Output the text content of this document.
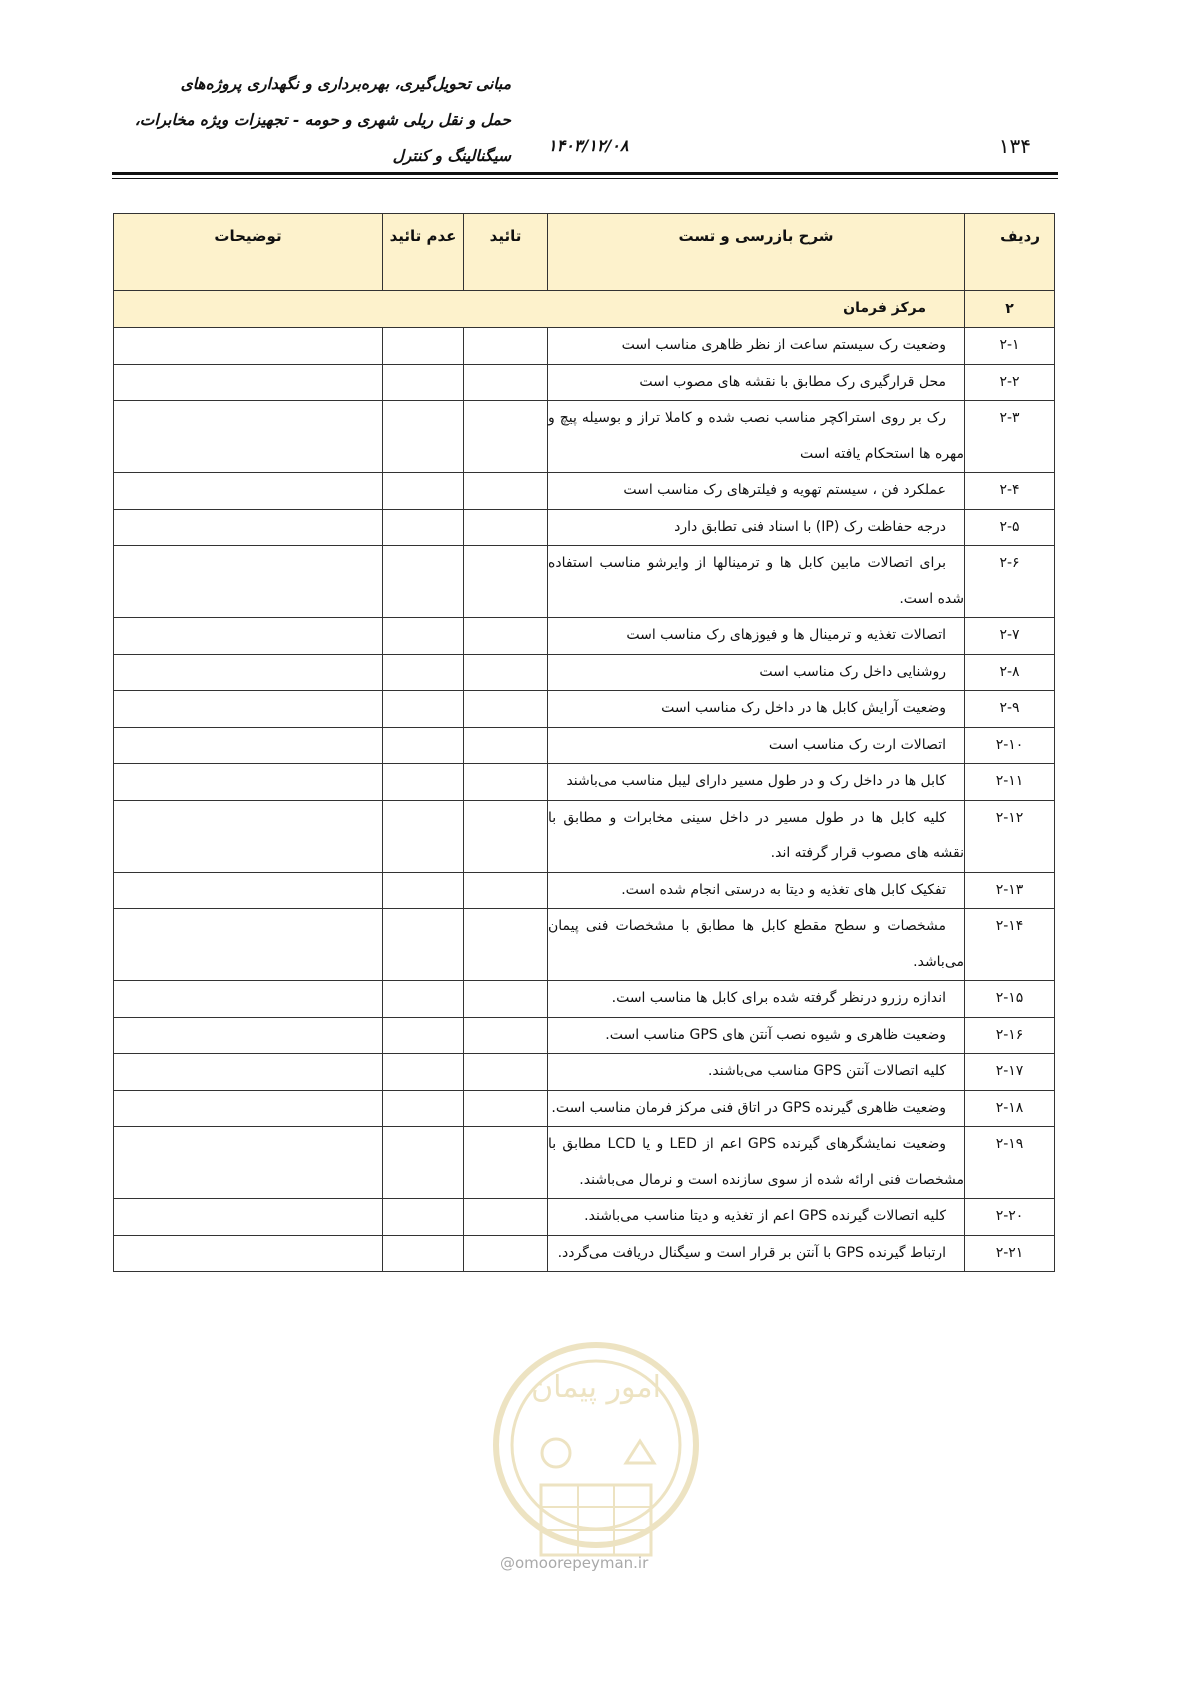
مبانی تحویل‌گیری، بهره‌برداری و نگهداری پروژه‌های
حمل و نقل ریلی شهری و حومه - تجهیزات ویژه مخابرات،
سیگنالینگ و کنترل
۱۴۰۳/۱۲/۰۸	۱۳۴
ردیف	شرح بازرسی و تست	تائید	عدم تائید	توضیحات

۲	مرکز فرمان			
۲-۱	وضعیت رک سیستم ساعت از نظر ظاهری مناسب است			

۲-۲	محل قرارگیری رک مطابق با نقشه های مصوب است			

۲-۳	رک بر روی استراکچر مناسب نصب شده و کاملا تراز و بوسیله پیچ و مهره ها استحکام یافته است			

۲-۴	عملکرد فن ، سیستم تهویه و فیلترهای رک مناسب است			

۲-۵	درجه حفاظت رک (IP) با اسناد فنی تطابق دارد			

۲-۶	برای اتصالات مابین کابل ها و ترمینالها از وایرشو مناسب استفاده شده است.			

۲-۷	اتصالات تغذیه و ترمینال ها و فیوزهای رک مناسب است			

۲-۸	روشنایی داخل رک مناسب است			

۲-۹	وضعیت آرایش کابل ها در داخل رک مناسب است			

۲-۱۰	اتصالات ارت رک مناسب است			

۲-۱۱	کابل ها در داخل رک و در طول مسیر دارای لیبل مناسب می‌باشند			

۲-۱۲	کلیه کابل ها در طول مسیر در داخل سینی مخابرات و مطابق با نقشه های مصوب قرار گرفته اند.			

۲-۱۳	تفکیک کابل های تغذیه و دیتا به درستی انجام شده است.			

۲-۱۴	مشخصات و سطح مقطع کابل ها مطابق با مشخصات فنی پیمان می‌باشد.			

۲-۱۵	اندازه رزرو درنظر گرفته شده برای کابل ها مناسب است.			

۲-۱۶	وضعیت ظاهری و شیوه نصب آنتن های GPS مناسب است.			

۲-۱۷	کلیه اتصالات آنتن GPS مناسب می‌باشند.			

۲-۱۸	وضعیت ظاهری گیرنده GPS در اتاق فنی مرکز فرمان مناسب است.			

۲-۱۹	وضعیت نمایشگرهای گیرنده GPS اعم از LED و یا LCD مطابق با مشخصات فنی ارائه شده از سوی سازنده است و نرمال می‌باشند.			

۲-۲۰	کلیه اتصالات گیرنده GPS اعم از تغذیه و دیتا مناسب می‌باشند.			

۲-۲۱	ارتباط گیرنده GPS با آنتن بر قرار است و سیگنال دریافت می‌گردد.			

امور پیمان
@omoorepeyman.ir
